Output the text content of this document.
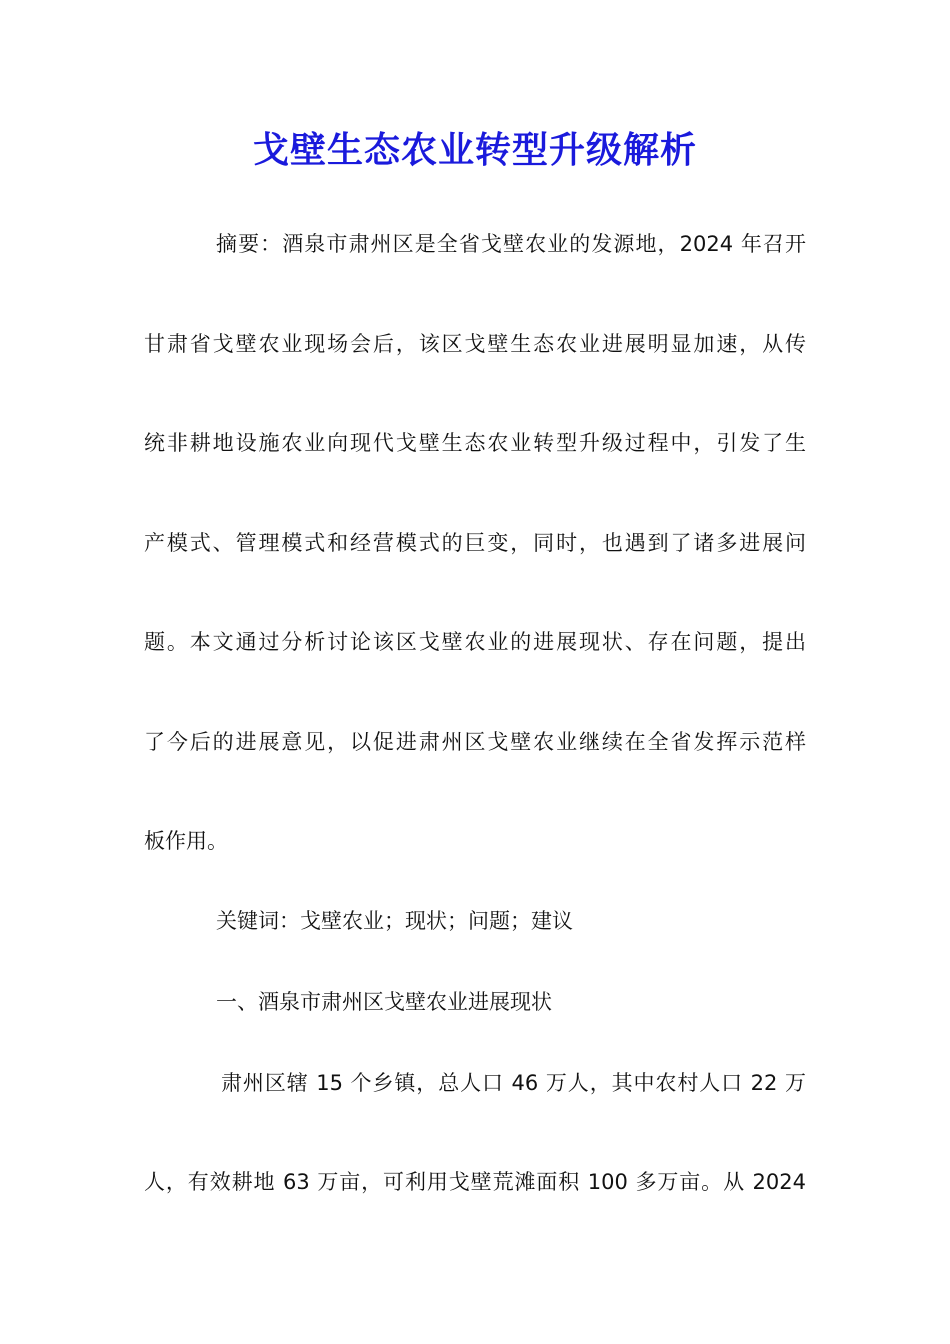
戈壁生态农业转型升级解析

摘要：酒泉市肃州区是全省戈壁农业的发源地，2024 年召开

甘肃省戈壁农业现场会后，该区戈壁生态农业进展明显加速，从传

统非耕地设施农业向现代戈壁生态农业转型升级过程中，引发了生

产模式、管理模式和经营模式的巨变，同时，也遇到了诸多进展问

题。本文通过分析讨论该区戈壁农业的进展现状、存在问题，提出

了今后的进展意见，以促进肃州区戈壁农业继续在全省发挥示范样

板作用。

关键词：戈壁农业；现状；问题；建议

一、酒泉市肃州区戈壁农业进展现状

肃州区辖 15 个乡镇，总人口 46 万人，其中农村人口 22 万

人，有效耕地 63 万亩，可利用戈壁荒滩面积 100 多万亩。从 2024
